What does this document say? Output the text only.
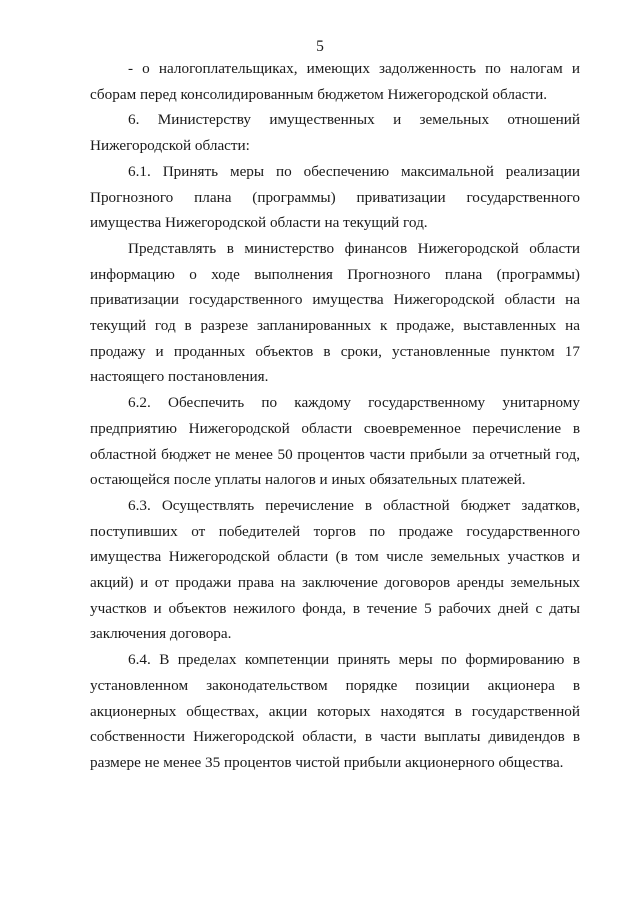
5

- о налогоплательщиках, имеющих задолженность по налогам и сборам перед консолидированным бюджетом Нижегородской области.

6. Министерству имущественных и земельных отношений

Нижегородской области:

6.1. Принять меры по обеспечению максимальной реализации Прогнозного плана (программы) приватизации государственного имущества Нижегородской области на текущий год.

Представлять в министерство финансов Нижегородской области информацию о ходе выполнения Прогнозного плана (программы) приватизации государственного имущества Нижегородской области на текущий год в разрезе запланированных к продаже, выставленных на продажу и проданных объектов в сроки, установленные пунктом 17 настоящего постановления.

6.2. Обеспечить по каждому государственному унитарному предприятию Нижегородской области своевременное перечисление в областной бюджет не менее 50 процентов части прибыли за отчетный год, остающейся после уплаты налогов и иных обязательных платежей.

6.3. Осуществлять перечисление в областной бюджет задатков, поступивших от победителей торгов по продаже государственного имущества Нижегородской области (в том числе земельных участков и акций) и от продажи права на заключение договоров аренды земельных участков и объектов нежилого фонда, в течение 5 рабочих дней с даты заключения договора.

6.4. В пределах компетенции принять меры по формированию в установленном законодательством порядке позиции акционера в акционерных обществах, акции которых находятся в государственной собственности Нижегородской области, в части выплаты дивидендов в размере не менее 35 процентов чистой прибыли акционерного общества.
